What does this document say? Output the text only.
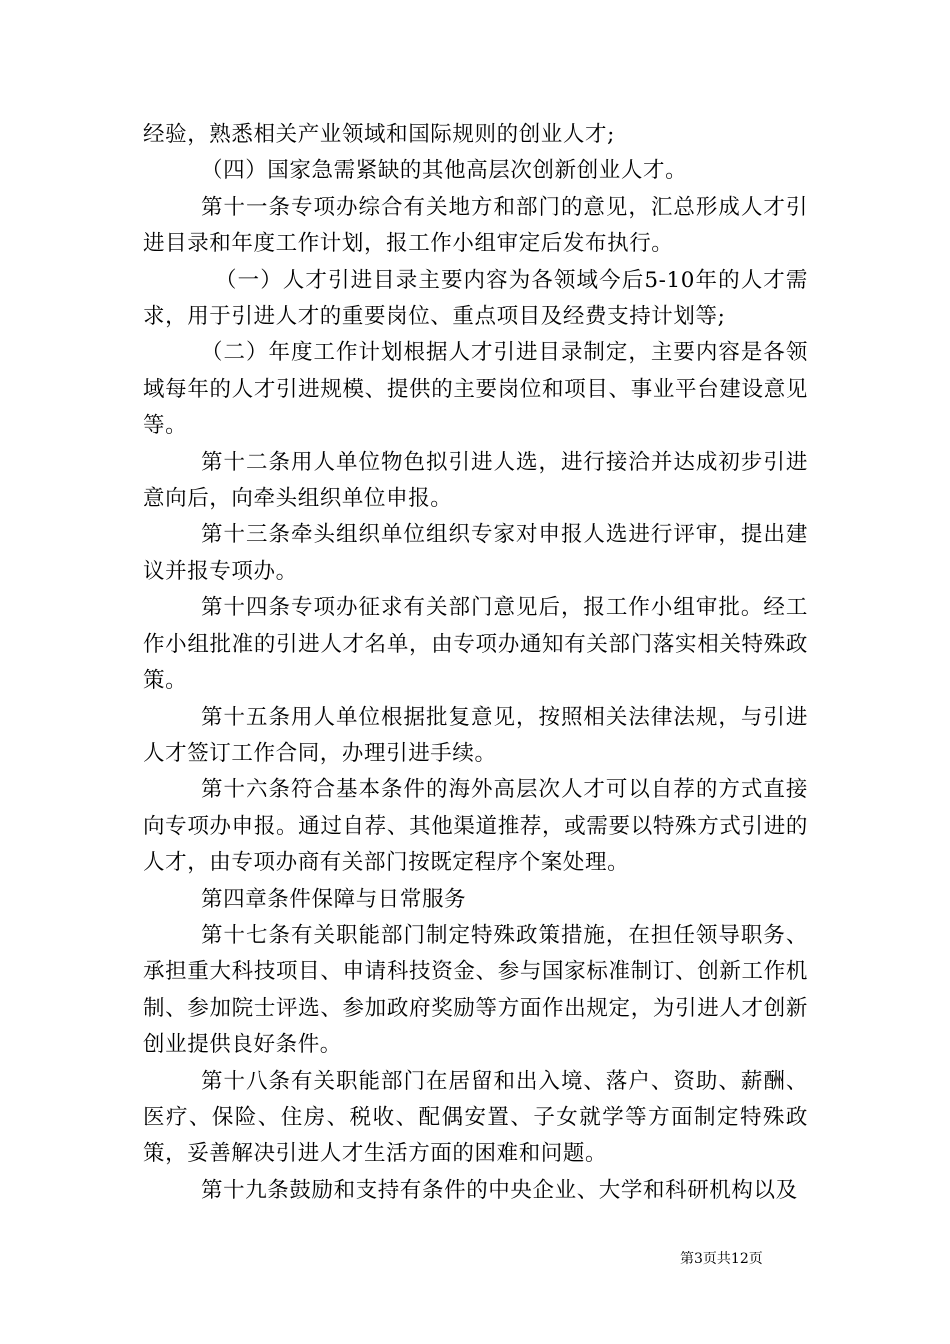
经验，熟悉相关产业领域和国际规则的创业人才;

（四）国家急需紧缺的其他高层次创新创业人才。

第十一条专项办综合有关地方和部门的意见，汇总形成人才引进目录和年度工作计划，报工作小组审定后发布执行。

（一）人才引进目录主要内容为各领域今后5-10年的人才需求，用于引进人才的重要岗位、重点项目及经费支持计划等;

（二）年度工作计划根据人才引进目录制定，主要内容是各领域每年的人才引进规模、提供的主要岗位和项目、事业平台建设意见等。

第十二条用人单位物色拟引进人选，进行接洽并达成初步引进意向后，向牵头组织单位申报。

第十三条牵头组织单位组织专家对申报人选进行评审，提出建议并报专项办。

第十四条专项办征求有关部门意见后，报工作小组审批。经工作小组批准的引进人才名单，由专项办通知有关部门落实相关特殊政策。

第十五条用人单位根据批复意见，按照相关法律法规，与引进人才签订工作合同，办理引进手续。

第十六条符合基本条件的海外高层次人才可以自荐的方式直接向专项办申报。通过自荐、其他渠道推荐，或需要以特殊方式引进的人才，由专项办商有关部门按既定程序个案处理。

第四章条件保障与日常服务

第十七条有关职能部门制定特殊政策措施，在担任领导职务、承担重大科技项目、申请科技资金、参与国家标准制订、创新工作机制、参加院士评选、参加政府奖励等方面作出规定，为引进人才创新创业提供良好条件。

第十八条有关职能部门在居留和出入境、落户、资助、薪酬、医疗、保险、住房、税收、配偶安置、子女就学等方面制定特殊政策，妥善解决引进人才生活方面的困难和问题。

第十九条鼓励和支持有条件的中央企业、大学和科研机构以及

第3页共12页
